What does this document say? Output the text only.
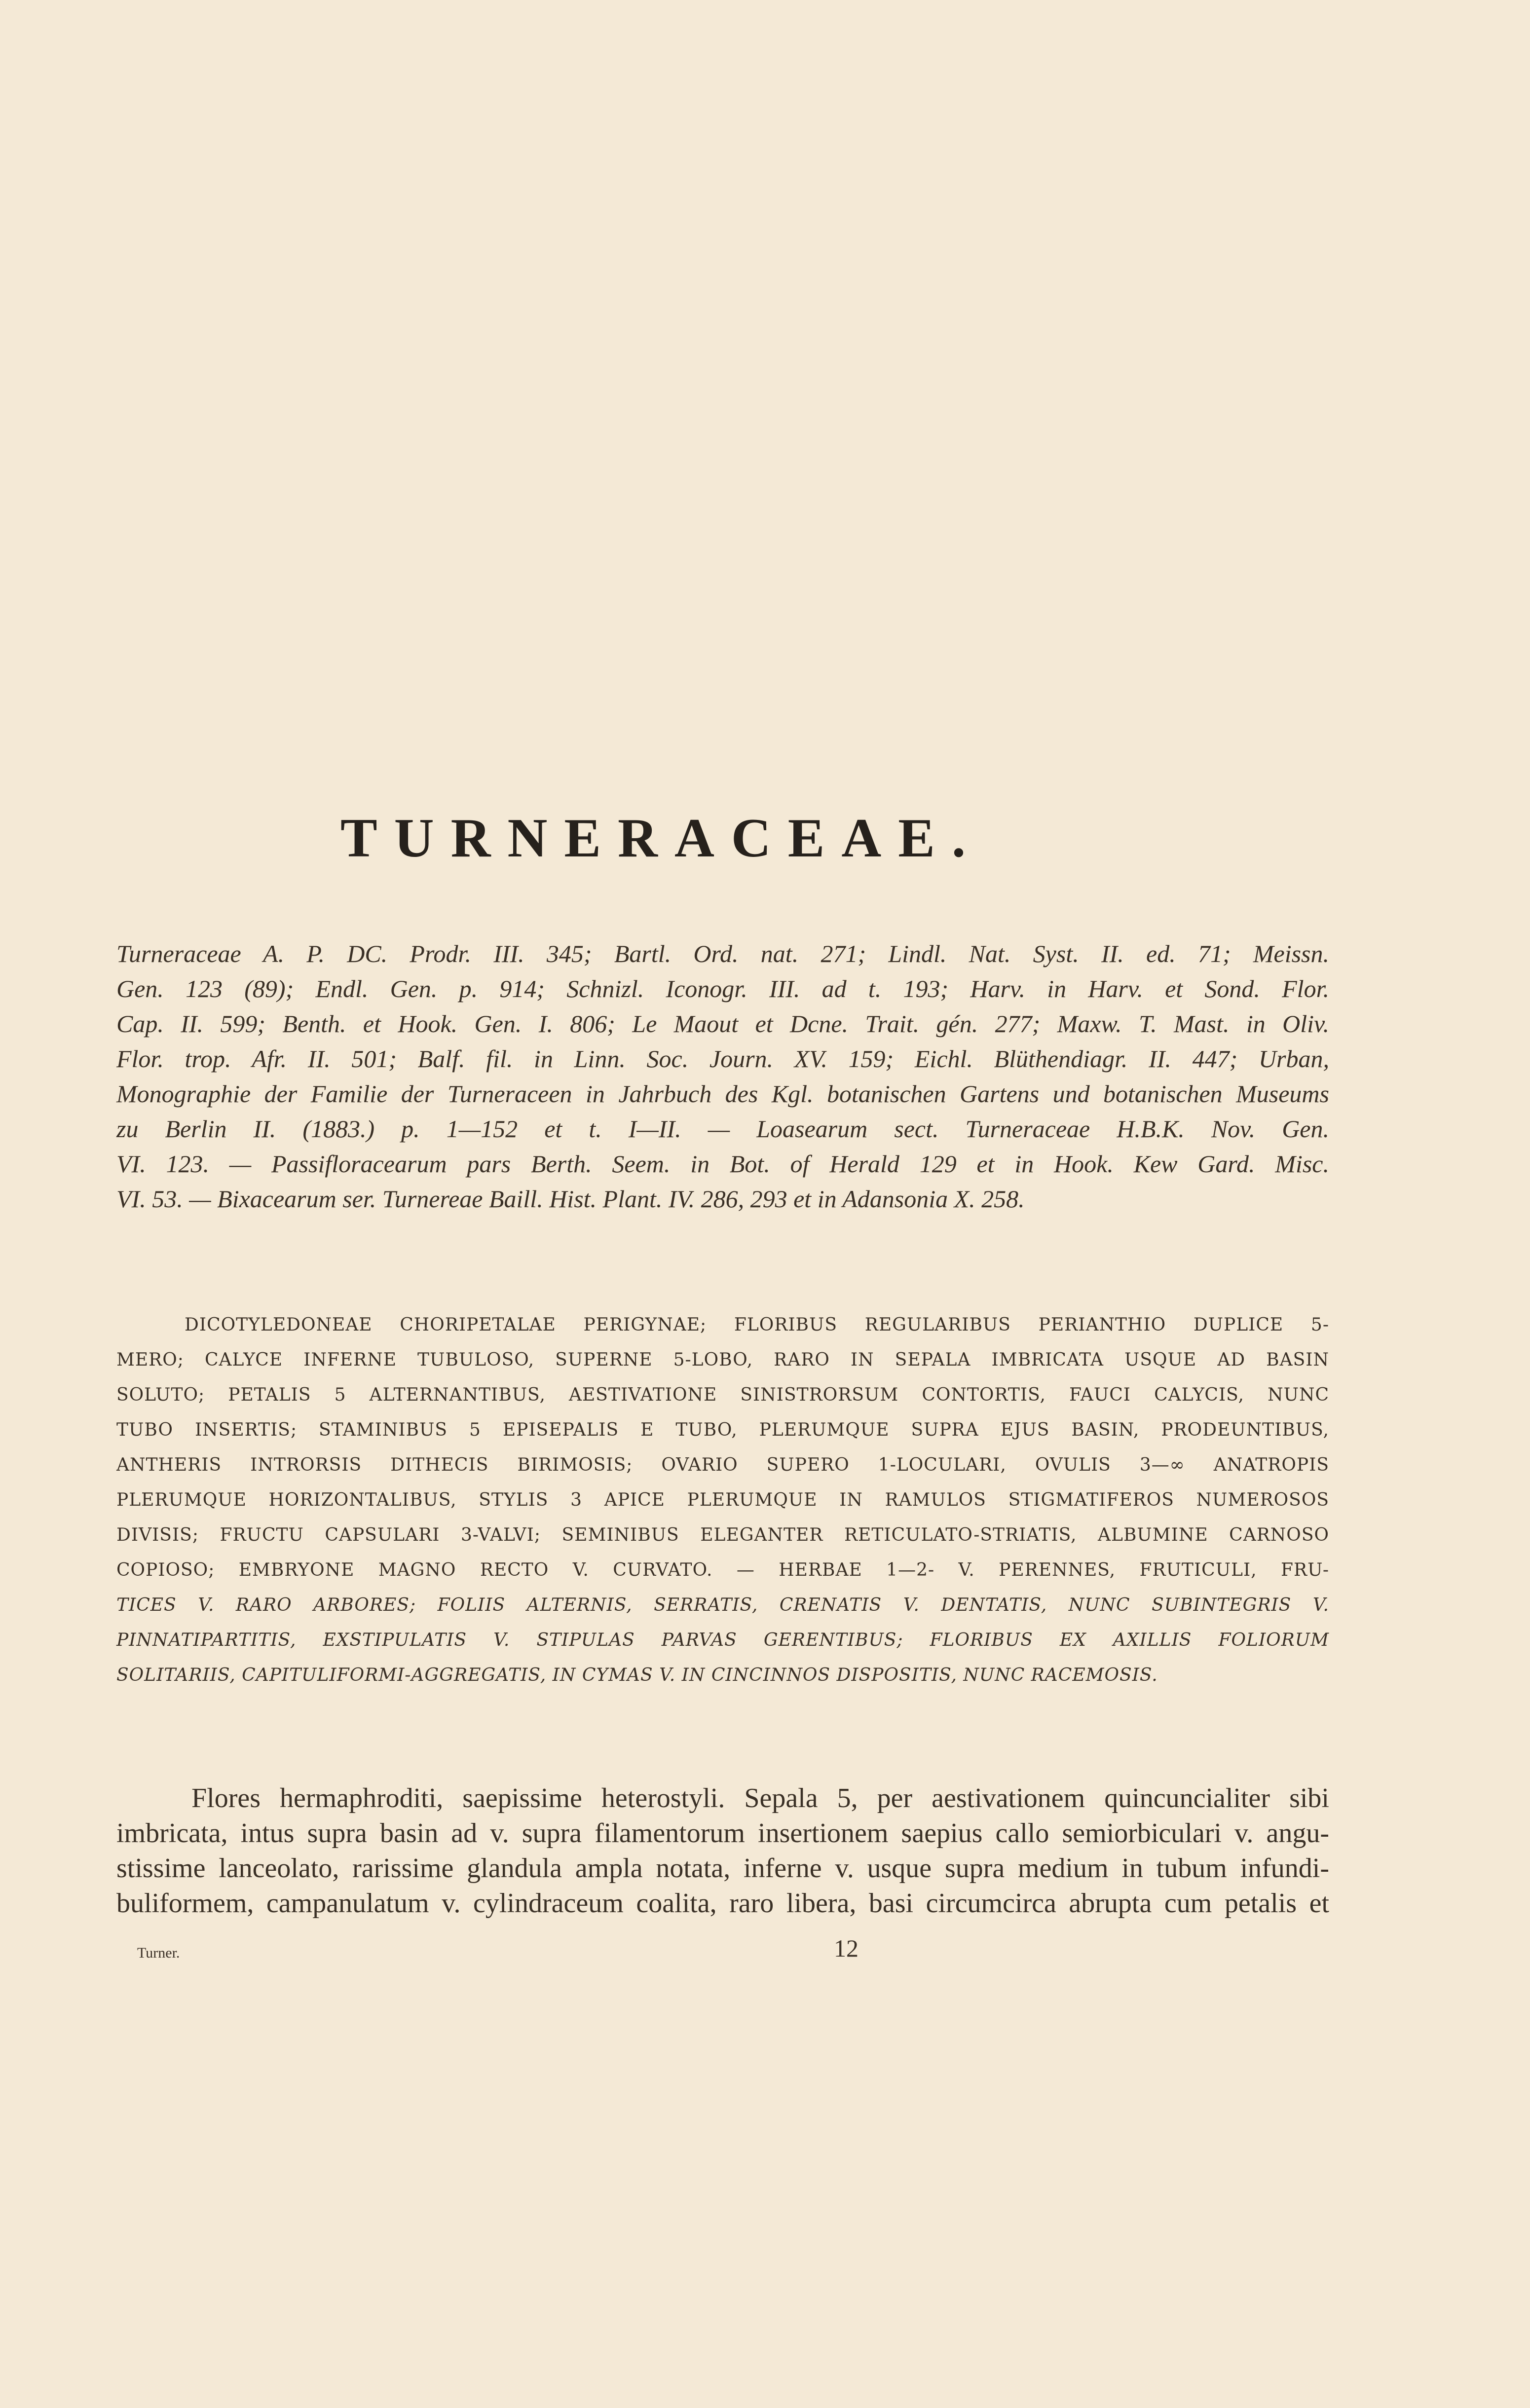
TURNERACEAE.
Turneraceae A. P. DC. Prodr. III. 345; Bartl. Ord. nat. 271; Lindl. Nat. Syst. II. ed. 71; Meissn.
Gen. 123 (89); Endl. Gen. p. 914; Schnizl. Iconogr. III. ad t. 193; Harv. in Harv. et Sond. Flor.
Cap. II. 599; Benth. et Hook. Gen. I. 806; Le Maout et Dcne. Trait. gén. 277; Maxw. T. Mast. in Oliv.
Flor. trop. Afr. II. 501; Balf. fil. in Linn. Soc. Journ. XV. 159; Eichl. Blüthendiagr. II. 447; Urban,
Monographie der Familie der Turneraceen in Jahrbuch des Kgl. botanischen Gartens und botanischen Museums
zu Berlin II. (1883.) p. 1—152 et t. I—II. — Loasearum sect. Turneraceae H.B.K. Nov. Gen.
VI. 123. — Passifloracearum pars Berth. Seem. in Bot. of Herald 129 et in Hook. Kew Gard. Misc.
VI. 53. — Bixacearum ser. Turnereae Baill. Hist. Plant. IV. 286, 293 et in Adansonia X. 258.
DICOTYLEDONEAE CHORIPETALAE PERIGYNAE; FLORIBUS REGULARIBUS PERIANTHIO DUPLICE 5-
MERO; CALYCE INFERNE TUBULOSO, SUPERNE 5-LOBO, RARO IN SEPALA IMBRICATA USQUE AD BASIN
SOLUTO; PETALIS 5 ALTERNANTIBUS, AESTIVATIONE SINISTRORSUM CONTORTIS, FAUCI CALYCIS, NUNC
TUBO INSERTIS; STAMINIBUS 5 EPISEPALIS E TUBO, PLERUMQUE SUPRA EJUS BASIN, PRODEUNTIBUS,
ANTHERIS INTRORSIS DITHECIS BIRIMOSIS; OVARIO SUPERO 1-LOCULARI, OVULIS 3—∞ ANATROPIS
PLERUMQUE HORIZONTALIBUS, STYLIS 3 APICE PLERUMQUE IN RAMULOS STIGMATIFEROS NUMEROSOS
DIVISIS; FRUCTU CAPSULARI 3-VALVI; SEMINIBUS ELEGANTER RETICULATO-STRIATIS, ALBUMINE CARNOSO
COPIOSO; EMBRYONE MAGNO RECTO V. CURVATO. — HERBAE 1—2- V. PERENNES, FRUTICULI, FRU-
TICES V. RARO ARBORES; FOLIIS ALTERNIS, SERRATIS, CRENATIS V. DENTATIS, NUNC SUBINTEGRIS V.
PINNATIPARTITIS, EXSTIPULATIS V. STIPULAS PARVAS GERENTIBUS; FLORIBUS EX AXILLIS FOLIORUM
SOLITARIIS, CAPITULIFORMI-AGGREGATIS, IN CYMAS V. IN CINCINNOS DISPOSITIS, NUNC RACEMOSIS.
Flores hermaphroditi, saepissime heterostyli. Sepala 5, per aestivationem quincuncialiter sibi
imbricata, intus supra basin ad v. supra filamentorum insertionem saepius callo semiorbiculari v. angu-
stissime lanceolato, rarissime glandula ampla notata, inferne v. usque supra medium in tubum infundi-
buliformem, campanulatum v. cylindraceum coalita, raro libera, basi circumcirca abrupta cum petalis et
Turner.	12
